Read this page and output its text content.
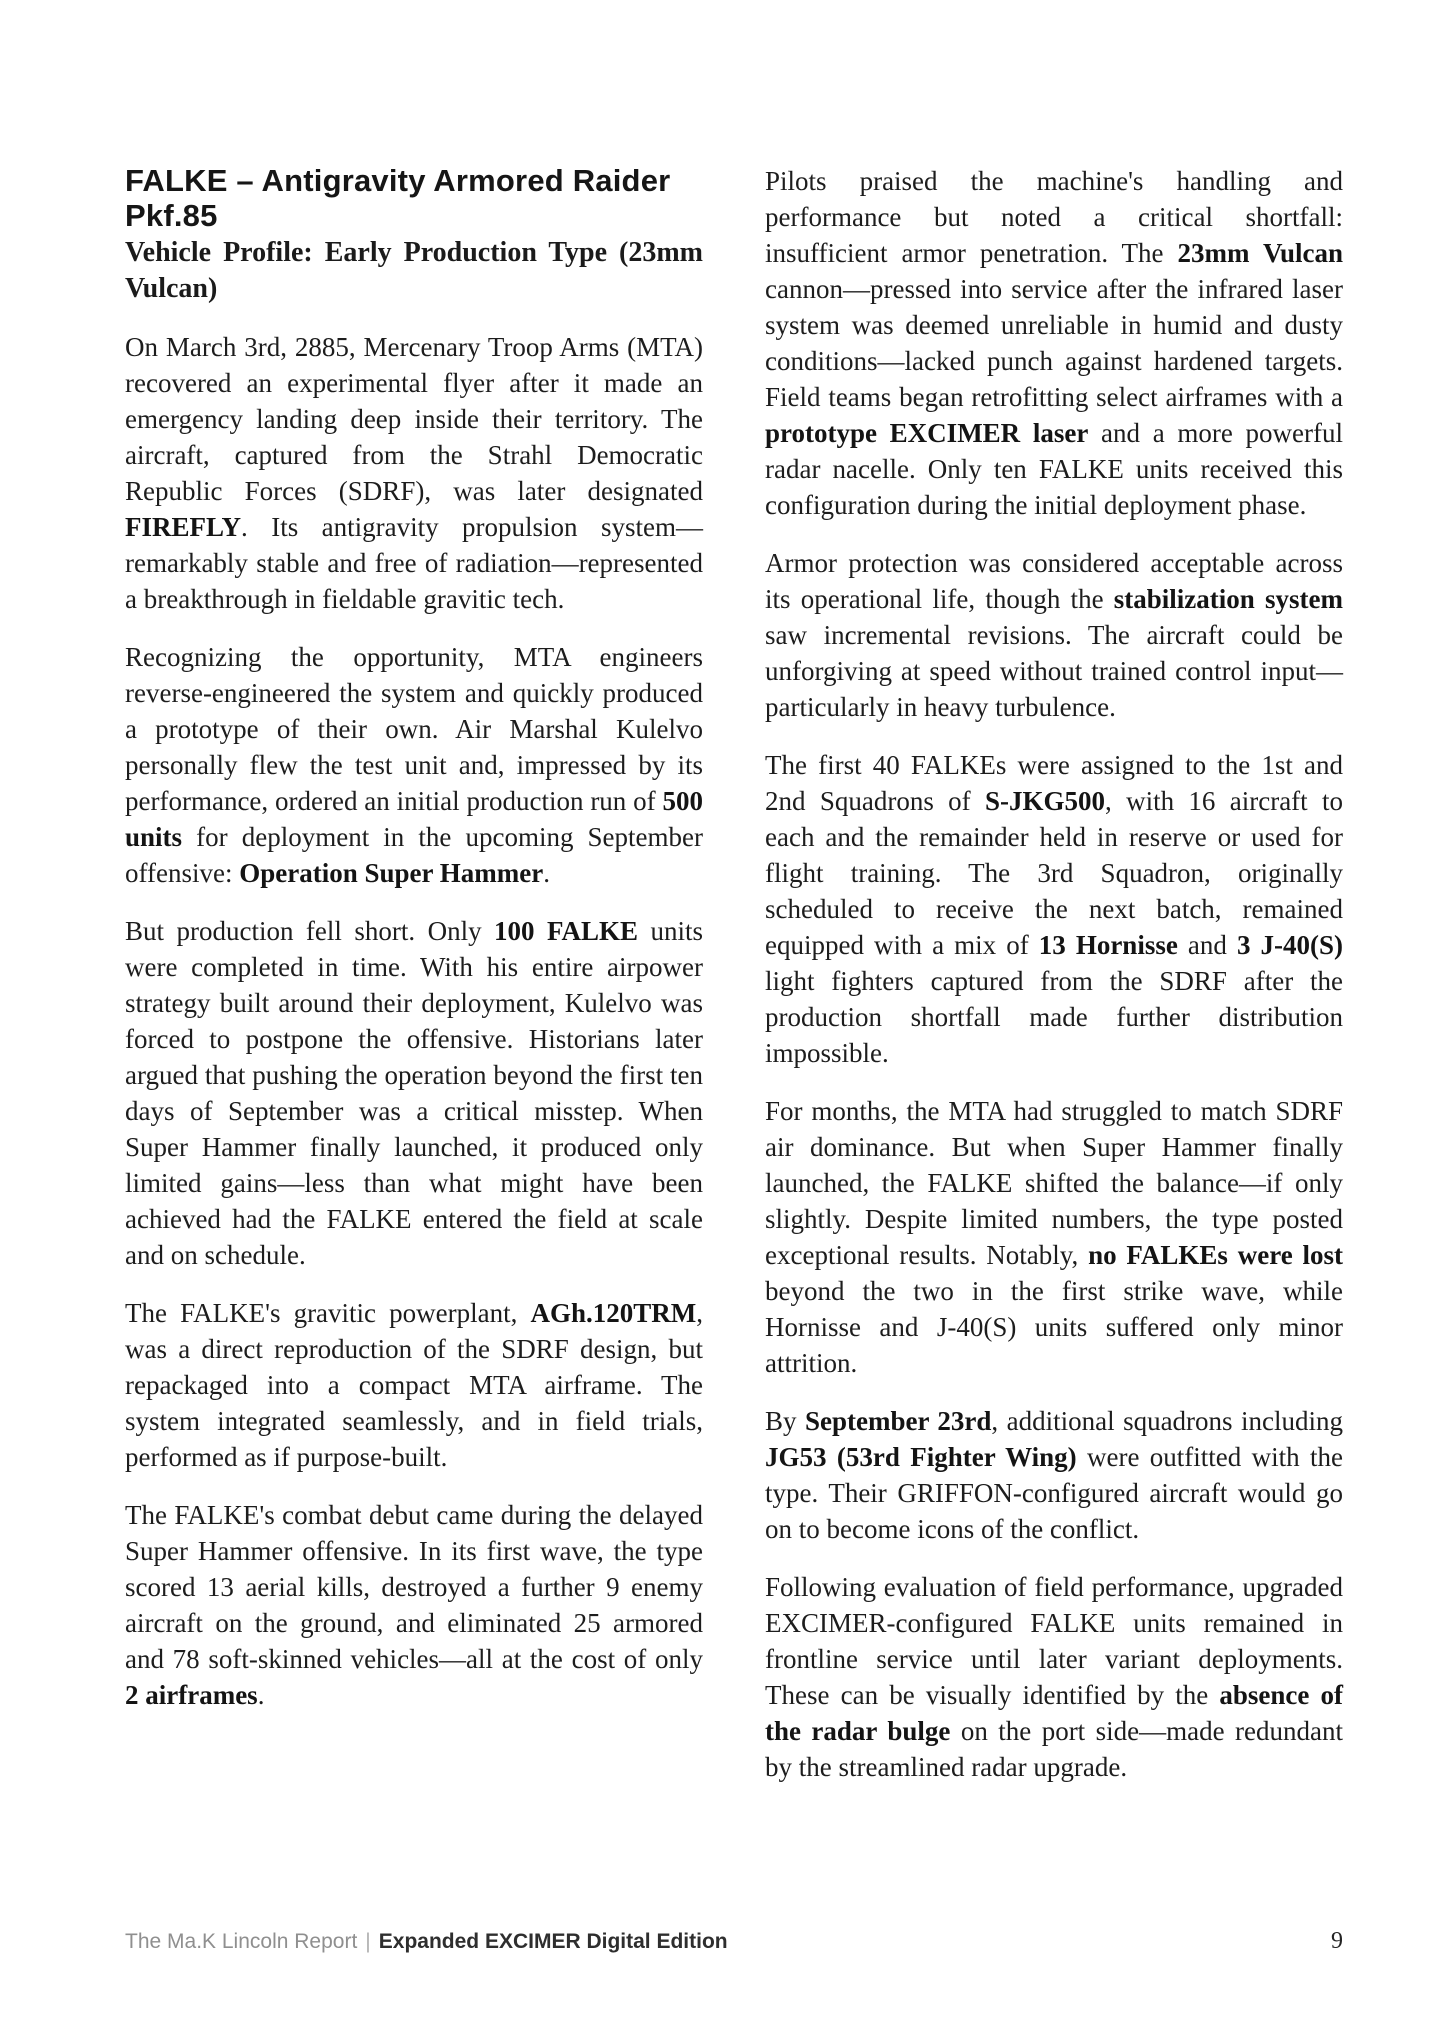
FALKE – Antigravity Armored Raider
Pkf.85
Vehicle Profile: Early Production Type (23mm Vulcan)

On March 3rd, 2885, Mercenary Troop Arms (MTA) recovered an experimental flyer after it made an emergency landing deep inside their territory. The aircraft, captured from the Strahl Democratic Republic Forces (SDRF), was later designated FIREFLY. Its antigravity propulsion system—remarkably stable and free of radiation—represented a breakthrough in fieldable gravitic tech.

Recognizing the opportunity, MTA engineers reverse-engineered the system and quickly produced a prototype of their own. Air Marshal Kulelvo personally flew the test unit and, impressed by its performance, ordered an initial production run of 500 units for deployment in the upcoming September offensive: Operation Super Hammer.

But production fell short. Only 100 FALKE units were completed in time. With his entire airpower strategy built around their deployment, Kulelvo was forced to postpone the offensive. Historians later argued that pushing the operation beyond the first ten days of September was a critical misstep. When Super Hammer finally launched, it produced only limited gains—less than what might have been achieved had the FALKE entered the field at scale and on schedule.

The FALKE's gravitic powerplant, AGh.120TRM, was a direct reproduction of the SDRF design, but repackaged into a compact MTA airframe. The system integrated seamlessly, and in field trials, performed as if purpose-built.

The FALKE's combat debut came during the delayed Super Hammer offensive. In its first wave, the type scored 13 aerial kills, destroyed a further 9 enemy aircraft on the ground, and eliminated 25 armored and 78 soft-skinned vehicles—all at the cost of only 2 airframes.

Pilots praised the machine's handling and performance but noted a critical shortfall: insufficient armor penetration. The 23mm Vulcan cannon—pressed into service after the infrared laser system was deemed unreliable in humid and dusty conditions—lacked punch against hardened targets. Field teams began retrofitting select airframes with a prototype EXCIMER laser and a more powerful radar nacelle. Only ten FALKE units received this configuration during the initial deployment phase.

Armor protection was considered acceptable across its operational life, though the stabilization system saw incremental revisions. The aircraft could be unforgiving at speed without trained control input—particularly in heavy turbulence.

The first 40 FALKEs were assigned to the 1st and 2nd Squadrons of S-JKG500, with 16 aircraft to each and the remainder held in reserve or used for flight training. The 3rd Squadron, originally scheduled to receive the next batch, remained equipped with a mix of 13 Hornisse and 3 J-40(S) light fighters captured from the SDRF after the production shortfall made further distribution impossible.

For months, the MTA had struggled to match SDRF air dominance. But when Super Hammer finally launched, the FALKE shifted the balance—if only slightly. Despite limited numbers, the type posted exceptional results. Notably, no FALKEs were lost beyond the two in the first strike wave, while Hornisse and J-40(S) units suffered only minor attrition.

By September 23rd, additional squadrons including JG53 (53rd Fighter Wing) were outfitted with the type. Their GRIFFON-configured aircraft would go on to become icons of the conflict.

Following evaluation of field performance, upgraded EXCIMER-configured FALKE units remained in frontline service until later variant deployments. These can be visually identified by the absence of the radar bulge on the port side—made redundant by the streamlined radar upgrade.

The Ma.K Lincoln Report | Expanded EXCIMER Digital Edition	9
